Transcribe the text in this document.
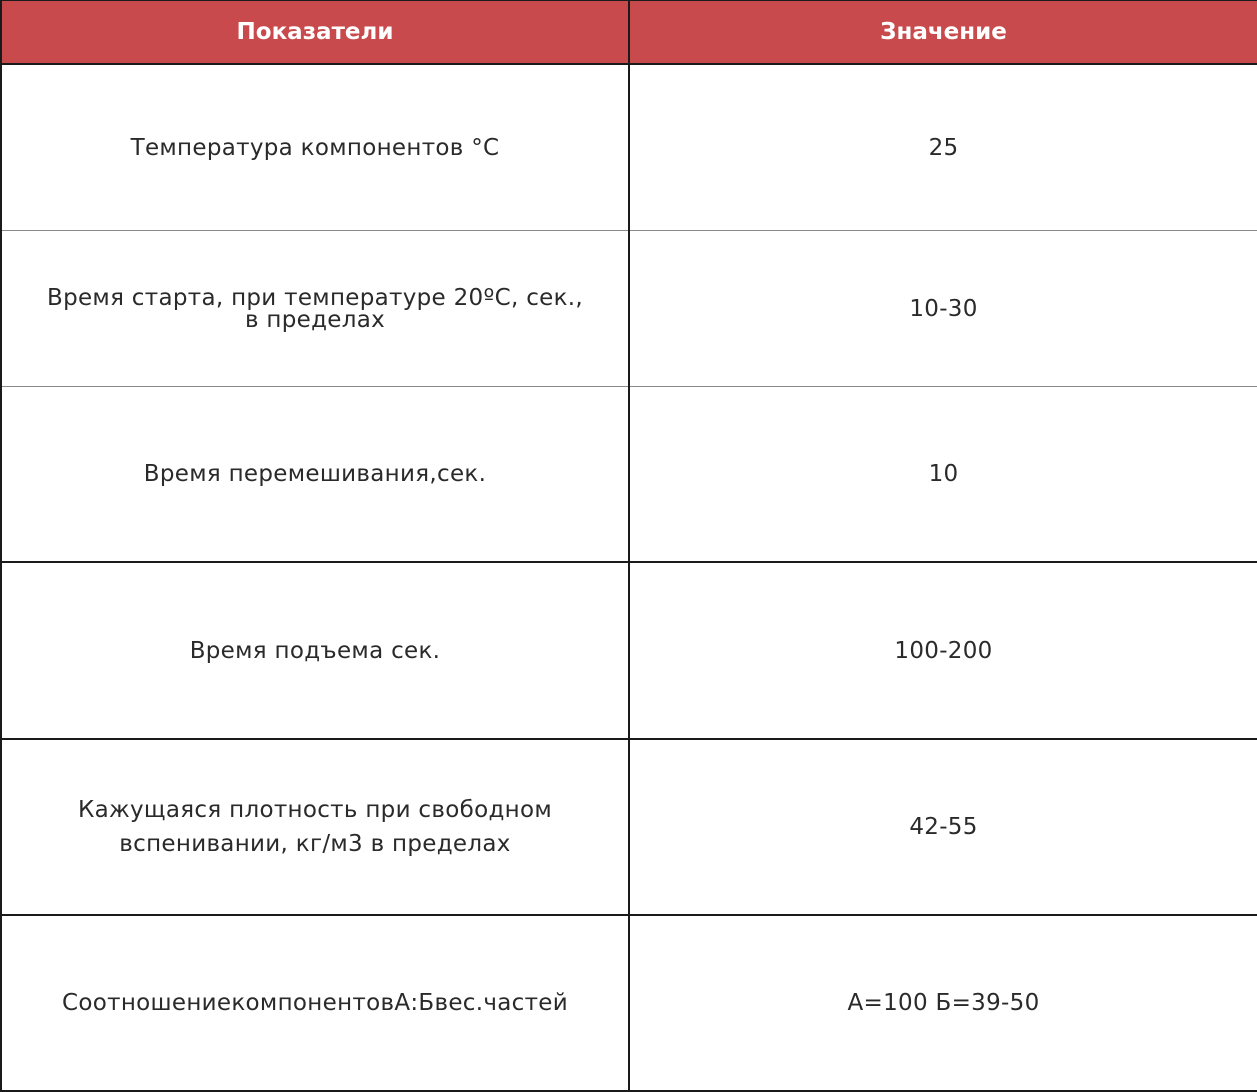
Показатели	Значение
Температура компонентов °С	25
Время старта, при температуре 20ºС, сек., в пределах	10-30
Время перемешивания,сек.	10
Время подъема сек.	100-200
Кажущаяся плотность при свободном вспенивании, кг/м3 в пределах	42-55
СоотношениекомпонентовА:Бвес.частей	А=100 Б=39-50
